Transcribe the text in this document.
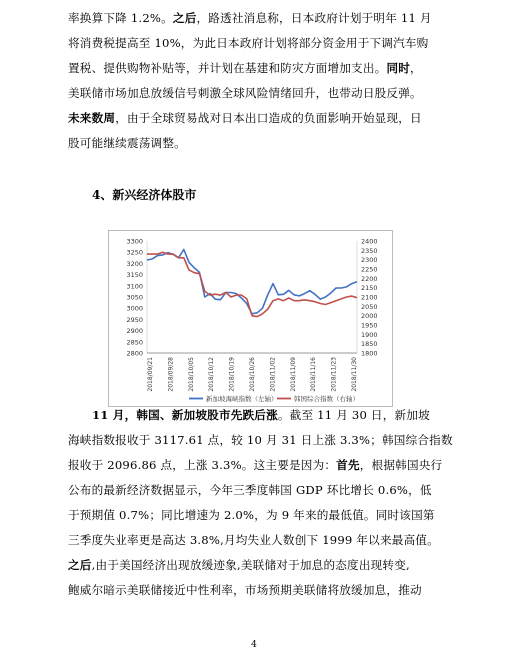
率换算下降 1.2%。之后，路透社消息称，日本政府计划于明年 11 月
将消费税提高至 10%，为此日本政府计划将部分资金用于下调汽车购
置税、提供购物补贴等，并计划在基建和防灾方面增加支出。同时，
美联储市场加息放缓信号刺激全球风险情绪回升，也带动日股反弹。
未来数周，由于全球贸易战对日本出口造成的负面影响开始显现，日
股可能继续震荡调整。
4、新兴经济体股市
2800
2850
2900
2950
3000
3050
3100
3150
3200
3250
3300
1800
1850
1900
1950
2000
2050
2100
2150
2200
2250
2300
2350
2400
2018/09/21 2018/09/28 2018/10/05 2018/10/12 2018/10/19 2018/10/26 2018/11/02 2018/11/09 2018/11/16 2018/11/23 2018/11/30
新加坡海峡指数（左轴）	韩国综合指数（右轴）
11 月，韩国、新加坡股市先跌后涨。截至 11 月 30 日，新加坡
海峡指数报收于 3117.61 点，较 10 月 31 日上涨 3.3%；韩国综合指数
报收于 2096.86 点，上涨 3.3%。这主要是因为：首先，根据韩国央行
公布的最新经济数据显示，今年三季度韩国 GDP 环比增长 0.6%，低
于预期值 0.7%；同比增速为 2.0%，为 9 年来的最低值。同时该国第
三季度失业率更是高达 3.8%,月均失业人数创下 1999 年以来最高值。
之后,由于美国经济出现放缓迹象,美联储对于加息的态度出现转变,
鲍威尔暗示美联储接近中性利率，市场预期美联储将放缓加息，推动
4
